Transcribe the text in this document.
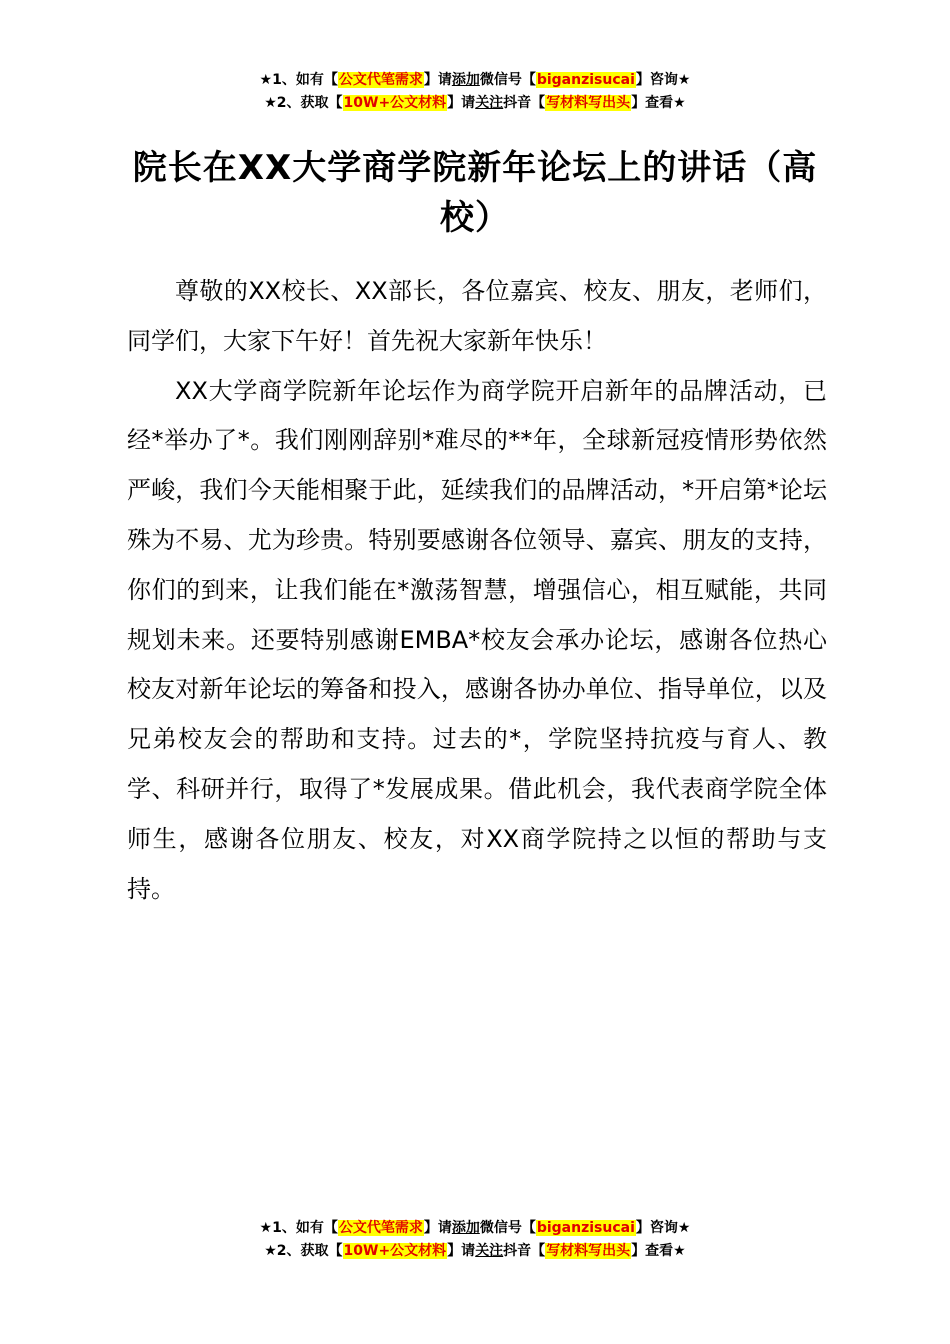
★1、如有【公文代笔需求】请添加微信号【biganzisucai】咨询★
★2、获取【10W+公文材料】请关注抖音【写材料写出头】查看★
院长在XX大学商学院新年论坛上的讲话（高校）

尊敬的XX校长、XX部长，各位嘉宾、校友、朋友，老师们，同学们，大家下午好！首先祝大家新年快乐！

XX大学商学院新年论坛作为商学院开启新年的品牌活动，已经*举办了*。我们刚刚辞别*难尽的**年，全球新冠疫情形势依然严峻，我们今天能相聚于此，延续我们的品牌活动，*开启第*论坛殊为不易、尤为珍贵。特别要感谢各位领导、嘉宾、朋友的支持，你们的到来，让我们能在*激荡智慧，增强信心，相互赋能，共同规划未来。还要特别感谢EMBA*校友会承办论坛，感谢各位热心校友对新年论坛的筹备和投入，感谢各协办单位、指导单位，以及兄弟校友会的帮助和支持。过去的*，学院坚持抗疫与育人、教学、科研并行，取得了*发展成果。借此机会，我代表商学院全体师生，感谢各位朋友、校友，对XX商学院持之以恒的帮助与支持。

★1、如有【公文代笔需求】请添加微信号【biganzisucai】咨询★
★2、获取【10W+公文材料】请关注抖音【写材料写出头】查看★
